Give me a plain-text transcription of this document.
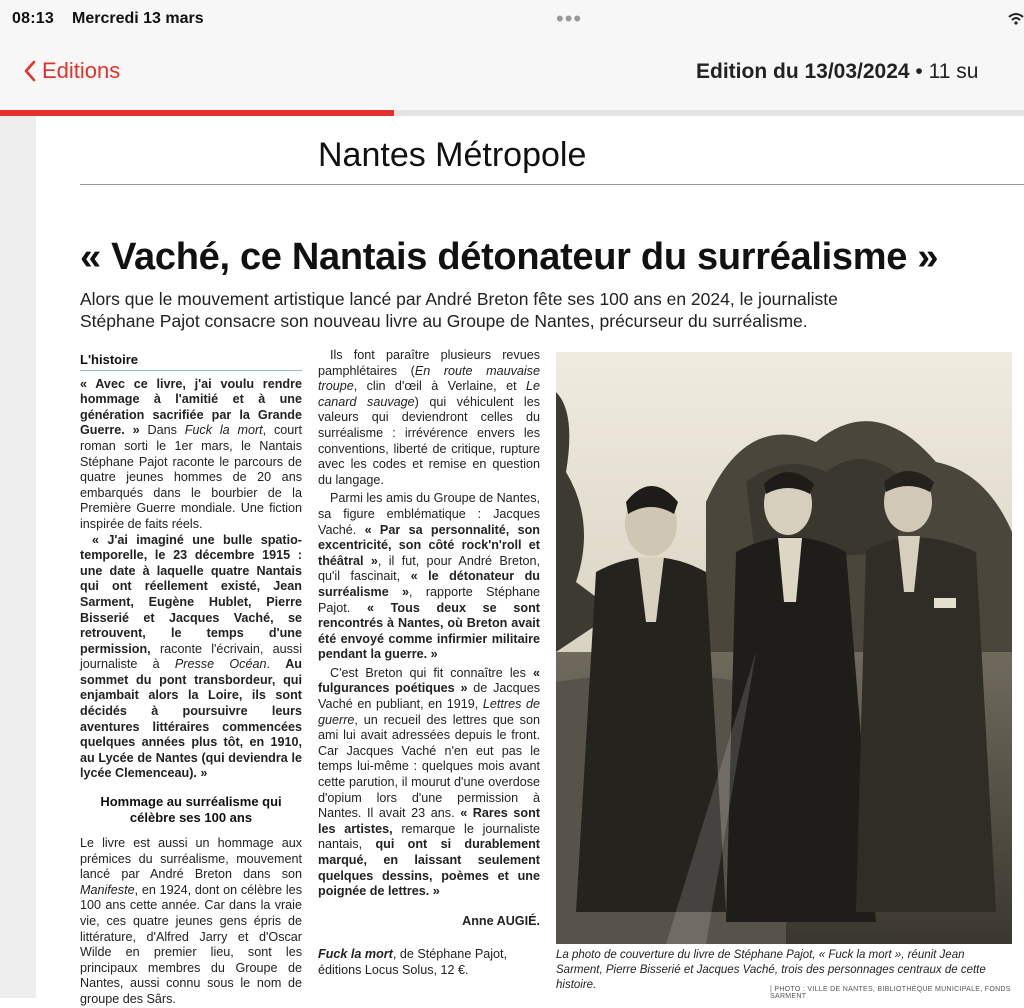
08:13 Mercredi 13 mars	•••
Editions	Edition du 13/03/2024 • 11 su
Nantes Métropole
« Vaché, ce Nantais détonateur du surréalisme »
Alors que le mouvement artistique lancé par André Breton fête ses 100 ans en 2024, le journaliste Stéphane Pajot consacre son nouveau livre au Groupe de Nantes, précurseur du surréalisme.
L'histoire

« Avec ce livre, j'ai voulu rendre hommage à l'amitié et à une génération sacrifiée par la Grande Guerre. » Dans Fuck la mort, court roman sorti le 1er mars, le Nantais Stéphane Pajot raconte le parcours de quatre jeunes hommes de 20 ans embarqués dans le bourbier de la Première Guerre mondiale. Une fiction inspirée de faits réels.

« J'ai imaginé une bulle spatio-temporelle, le 23 décembre 1915 : une date à laquelle quatre Nantais qui ont réellement existé, Jean Sarment, Eugène Hublet, Pierre Bisserié et Jacques Vaché, se retrouvent, le temps d'une permission, raconte l'écrivain, aussi journaliste à Presse Océan. Au sommet du pont transbordeur, qui enjambait alors la Loire, ils sont décidés à poursuivre leurs aventures littéraires commencées quelques années plus tôt, en 1910, au Lycée de Nantes (qui deviendra le lycée Clemenceau). »

Hommage au surréalisme qui célèbre ses 100 ans

Le livre est aussi un hommage aux prémices du surréalisme, mouvement lancé par André Breton dans son Manifeste, en 1924, dont on célèbre les 100 ans cette année. Car dans la vraie vie, ces quatre jeunes gens épris de littérature, d'Alfred Jarry et d'Oscar Wilde en premier lieu, sont les principaux membres du Groupe de Nantes, aussi connu sous le nom de groupe des Sârs.

Ils font paraître plusieurs revues pamphlétaires (En route mauvaise troupe, clin d'œil à Verlaine, et Le canard sauvage) qui véhiculent les valeurs qui deviendront celles du surréalisme : irrévérence envers les conventions, liberté de critique, rupture avec les codes et remise en question du langage.

Parmi les amis du Groupe de Nantes, sa figure emblématique : Jacques Vaché. « Par sa personnalité, son excentricité, son côté rock'n'roll et théâtral », il fut, pour André Breton, qu'il fascinait, « le détonateur du surréalisme », rapporte Stéphane Pajot. « Tous deux se sont rencontrés à Nantes, où Breton avait été envoyé comme infirmier militaire pendant la guerre. »

C'est Breton qui fit connaître les « fulgurances poétiques » de Jacques Vaché en publiant, en 1919, Lettres de guerre, un recueil des lettres que son ami lui avait adressées depuis le front. Car Jacques Vaché n'en eut pas le temps lui-même : quelques mois avant cette parution, il mourut d'une overdose d'opium lors d'une permission à Nantes. Il avait 23 ans. « Rares sont les artistes, remarque le journaliste nantais, qui ont si durablement marqué, en laissant seulement quelques dessins, poèmes et une poignée de lettres. »

Anne AUGIÉ.

Fuck la mort, de Stéphane Pajot, éditions Locus Solus, 12 €.

La photo de couverture du livre de Stéphane Pajot, « Fuck la mort », réunit Jean Sarment, Pierre Bisserié et Jacques Vaché, trois des personnages centraux de cette histoire.	| PHOTO : VILLE DE NANTES, BIBLIOTHÈQUE MUNICIPALE, FONDS SARMENT
